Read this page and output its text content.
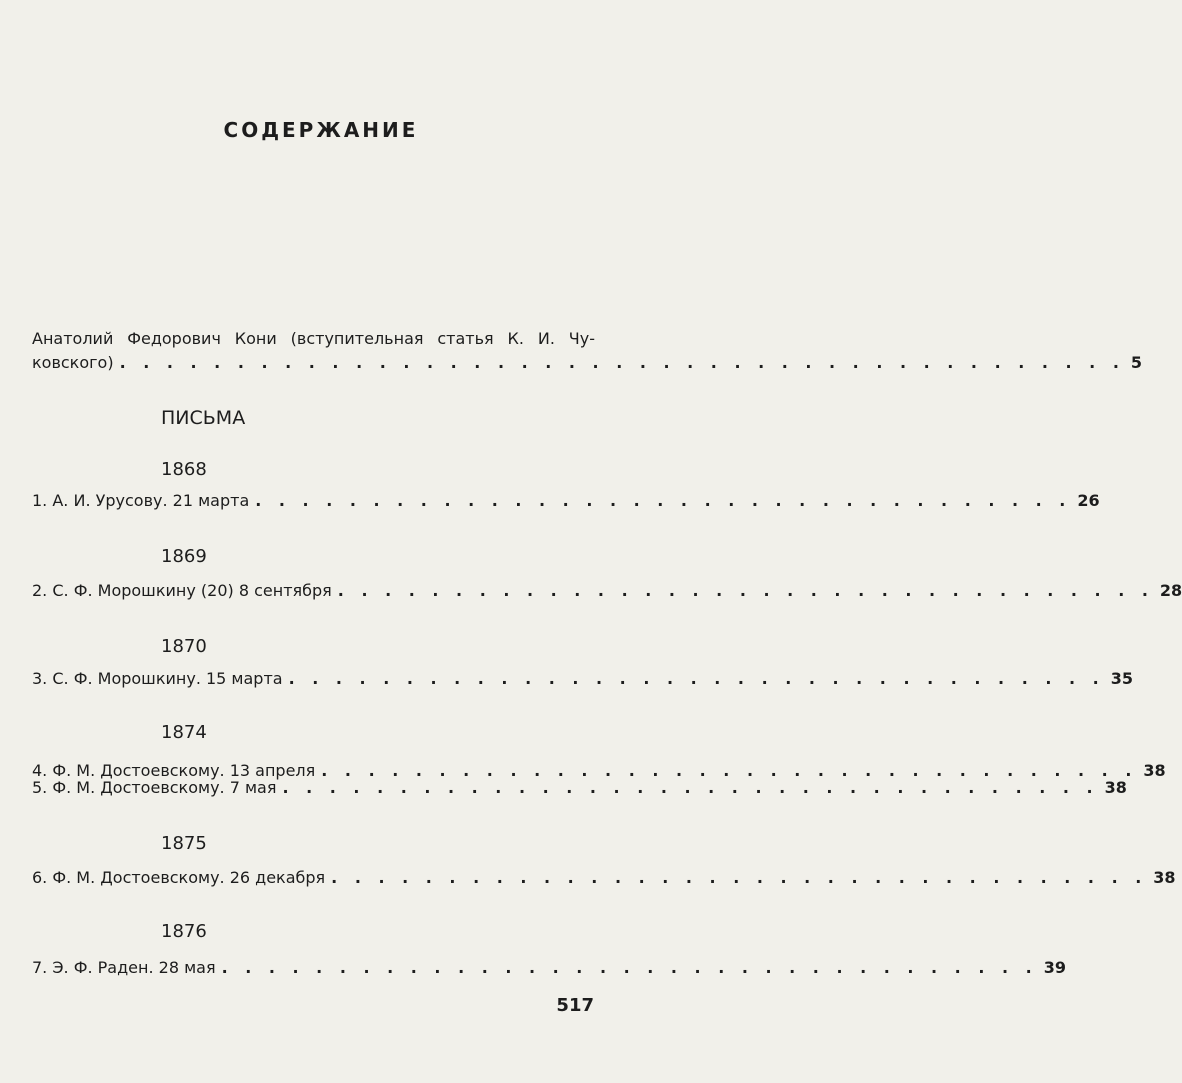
СОДЕРЖАНИЕ
Анатолий Федорович Кони (вступительная статья К. И. Чу-
ковского) . . . . . . . . . . . . . . . . . . . . . . . . . . . . . . . . . . . . . . . . . . . 5
ПИСЬМА
1868
1. А. И. Урусову. 21 марта . . . . . . . . . . . . . . . . . . . . . . . . . . . . . . . . . . . 26
1869
2. С. Ф. Морошкину (20) 8 сентября . . . . . . . . . . . . . . . . . . . . . . . . . . . . . . . . . . . 28
1870
3. С. Ф. Морошкину. 15 марта . . . . . . . . . . . . . . . . . . . . . . . . . . . . . . . . . . . 35
1874
4. Ф. М. Достоевскому. 13 апреля . . . . . . . . . . . . . . . . . . . . . . . . . . . . . . . . . . . 38
5. Ф. М. Достоевскому. 7 мая . . . . . . . . . . . . . . . . . . . . . . . . . . . . . . . . . . . 38
1875
6. Ф. М. Достоевскому. 26 декабря . . . . . . . . . . . . . . . . . . . . . . . . . . . . . . . . . . . 38
1876
7. Э. Ф. Раден. 28 мая . . . . . . . . . . . . . . . . . . . . . . . . . . . . . . . . . . . 39
517
